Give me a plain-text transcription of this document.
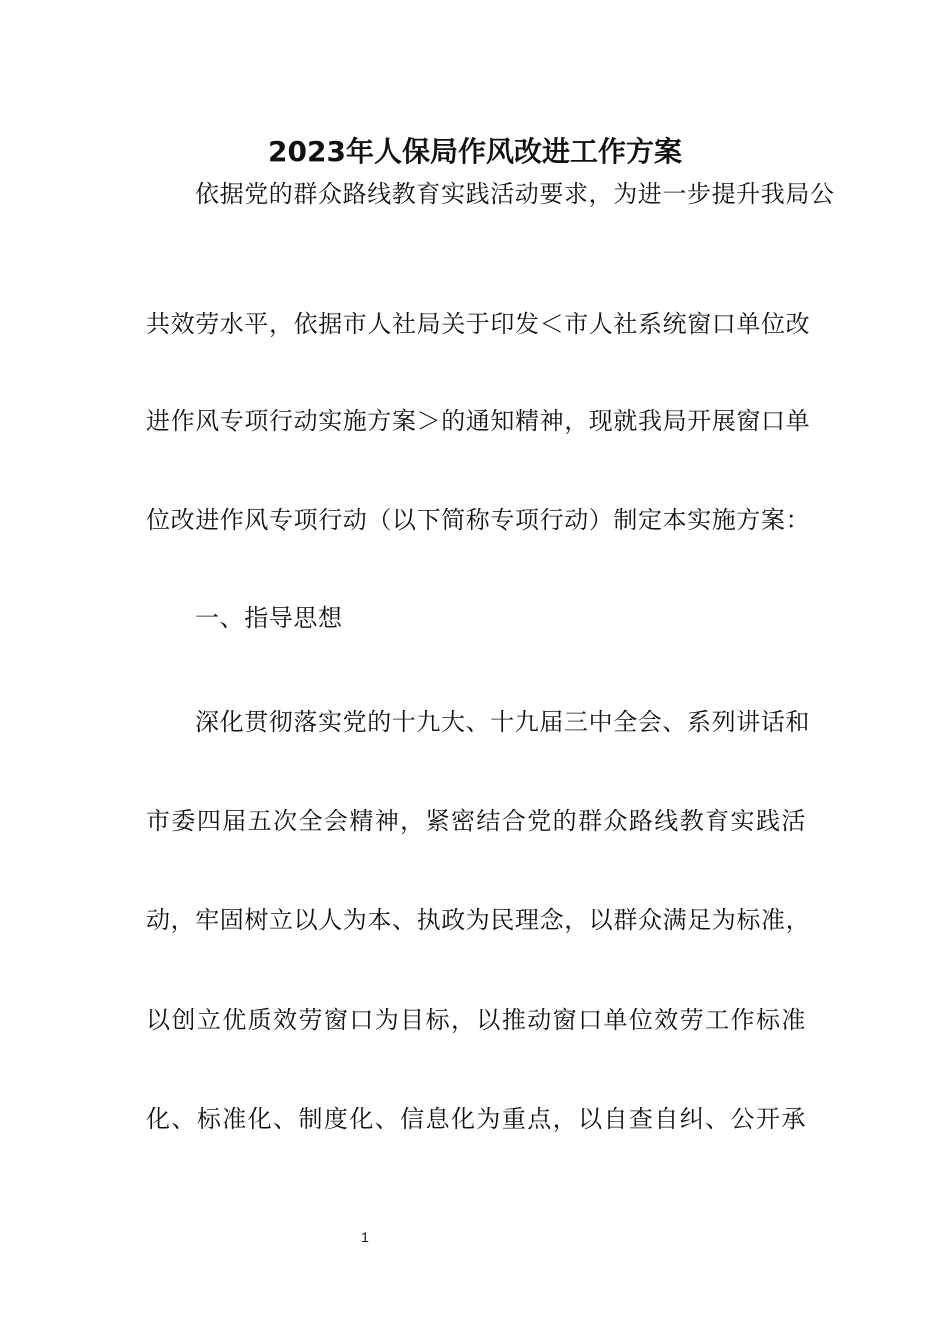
2023年人保局作风改进工作方案
依据党的群众路线教育实践活动要求，为进一步提升我局公
共效劳水平，依据市人社局关于印发＜市人社系统窗口单位改
进作风专项行动实施方案＞的通知精神，现就我局开展窗口单
位改进作风专项行动（以下简称专项行动）制定本实施方案：
一、指导思想
深化贯彻落实党的十九大、十九届三中全会、系列讲话和
市委四届五次全会精神，紧密结合党的群众路线教育实践活
动，牢固树立以人为本、执政为民理念，以群众满足为标准，
以创立优质效劳窗口为目标，以推动窗口单位效劳工作标准
化、标准化、制度化、信息化为重点，以自查自纠、公开承
1
